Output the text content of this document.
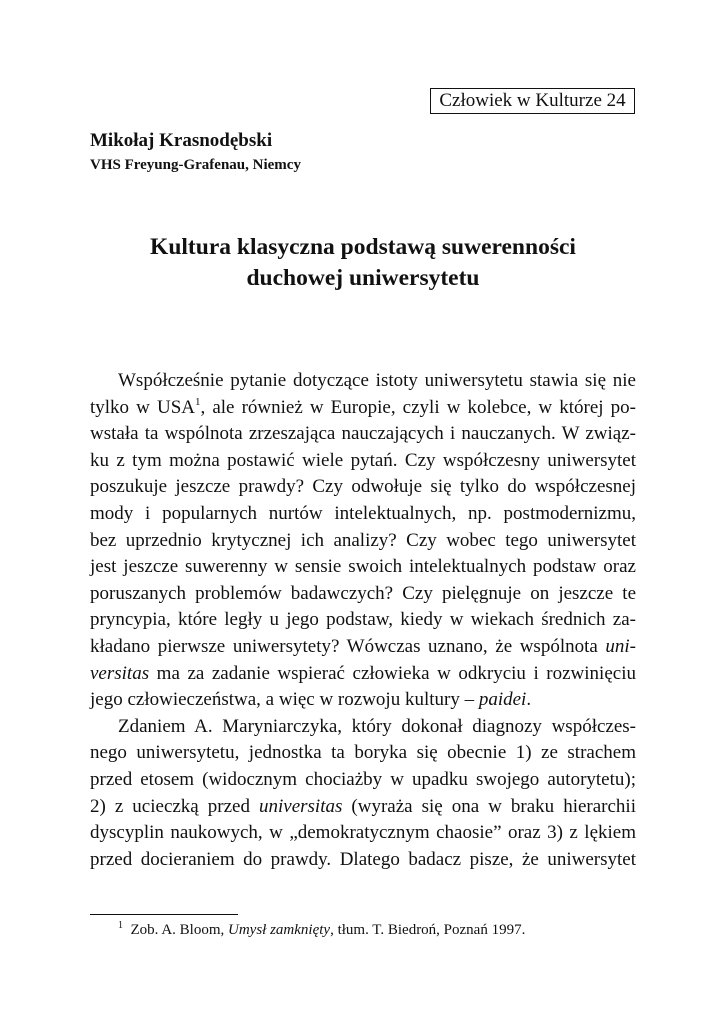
Człowiek w Kulturze 24
Mikołaj Krasnodębski
VHS Freyung-Grafenau, Niemcy
Kultura klasyczna podstawą suwerenności
duchowej uniwersytetu
Współcześnie pytanie dotyczące istoty uniwersytetu stawia się nie
tylko w USA$^1$, ale również w Europie, czyli w kolebce, w której po-
wstała ta wspólnota zrzeszająca nauczających i nauczanych. W związ-
ku z tym można postawić wiele pytań. Czy współczesny uniwersytet
poszukuje jeszcze prawdy? Czy odwołuje się tylko do współczesnej
mody i popularnych nurtów intelektualnych, np. postmodernizmu,
bez uprzednio krytycznej ich analizy? Czy wobec tego uniwersytet
jest jeszcze suwerenny w sensie swoich intelektualnych podstaw oraz
poruszanych problemów badawczych? Czy pielęgnuje on jeszcze te
pryncypia, które legły u jego podstaw, kiedy w wiekach średnich za-
kładano pierwsze uniwersytety? Wówczas uznano, że wspólnota uni-
versitas ma za zadanie wspierać człowieka w odkryciu i rozwinięciu
jego człowieczeństwa, a więc w rozwoju kultury – paidei.
Zdaniem A. Maryniarczyka, który dokonał diagnozy współczes-
nego uniwersytetu, jednostka ta boryka się obecnie 1) ze strachem
przed etosem (widocznym chociażby w upadku swojego autorytetu);
2) z ucieczką przed universitas (wyraża się ona w braku hierarchii
dyscyplin naukowych, w „demokratycznym chaosie” oraz 3) z lękiem
przed docieraniem do prawdy. Dlatego badacz pisze, że uniwersytet
$^1$ Zob. A. Bloom, Umysł zamknięty, tłum. T. Biedroń, Poznań 1997.
